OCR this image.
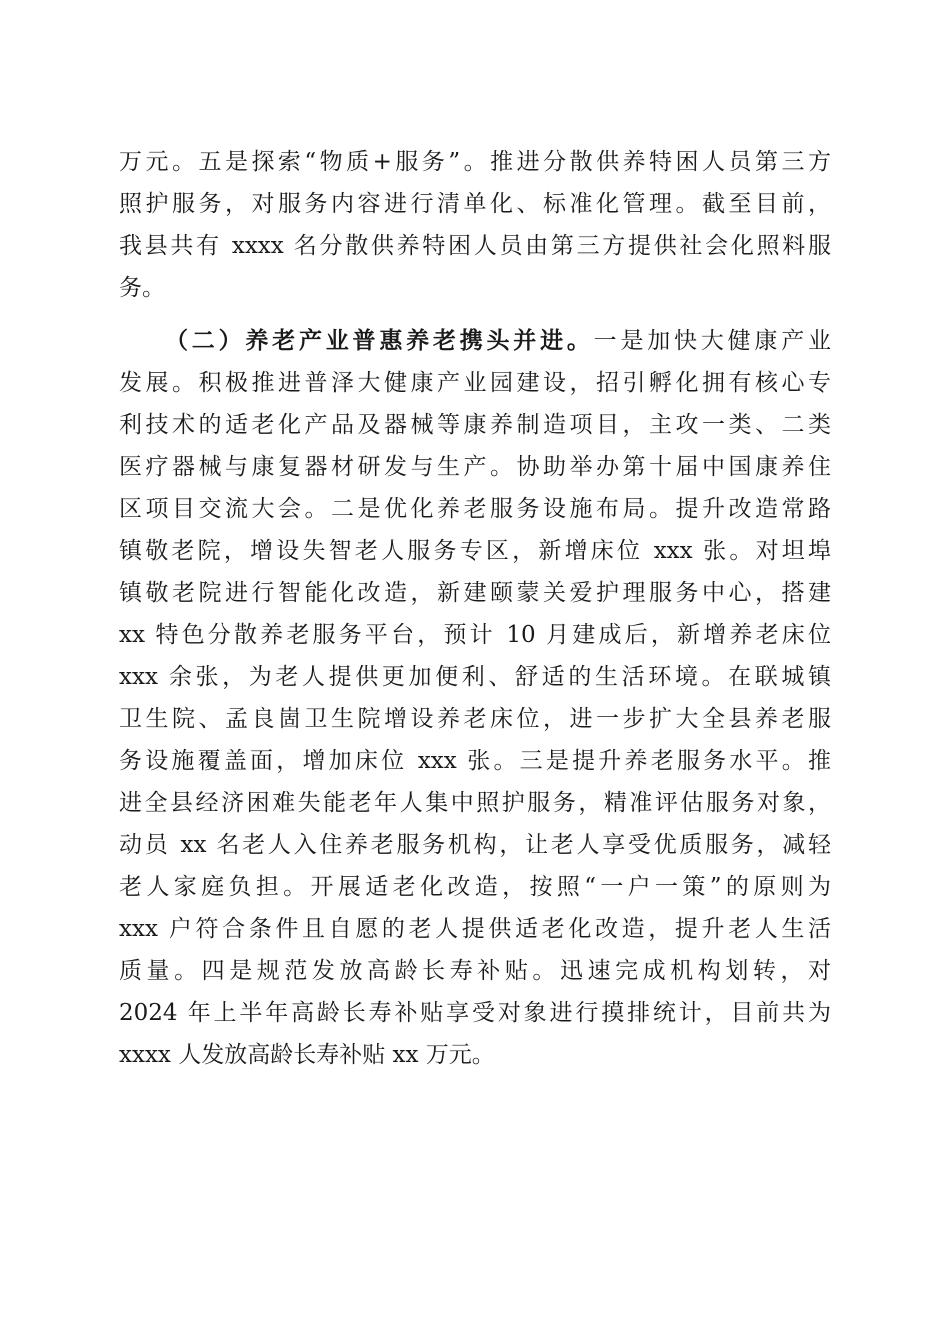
万元。五是探索“物质+服务”。推进分散供养特困人员第三方
照护服务，对服务内容进行清单化、标准化管理。截至目前，
我县共有 xxxx 名分散供养特困人员由第三方提供社会化照料服
务。
（二）养老产业普惠养老携头并进。一是加快大健康产业
发展。积极推进普泽大健康产业园建设，招引孵化拥有核心专
利技术的适老化产品及器械等康养制造项目，主攻一类、二类
医疗器械与康复器材研发与生产。协助举办第十届中国康养住
区项目交流大会。二是优化养老服务设施布局。提升改造常路
镇敬老院，增设失智老人服务专区，新增床位 xxx 张。对坦埠
镇敬老院进行智能化改造，新建颐蒙关爱护理服务中心，搭建
xx 特色分散养老服务平台，预计 10 月建成后，新增养老床位
xxx 余张，为老人提供更加便利、舒适的生活环境。在联城镇
卫生院、孟良崮卫生院增设养老床位，进一步扩大全县养老服
务设施覆盖面，增加床位 xxx 张。三是提升养老服务水平。推
进全县经济困难失能老年人集中照护服务，精准评估服务对象，
动员 xx 名老人入住养老服务机构，让老人享受优质服务，减轻
老人家庭负担。开展适老化改造，按照“一户一策”的原则为
xxx 户符合条件且自愿的老人提供适老化改造，提升老人生活
质量。四是规范发放高龄长寿补贴。迅速完成机构划转，对
2024 年上半年高龄长寿补贴享受对象进行摸排统计，目前共为
xxxx 人发放高龄长寿补贴 xx 万元。
